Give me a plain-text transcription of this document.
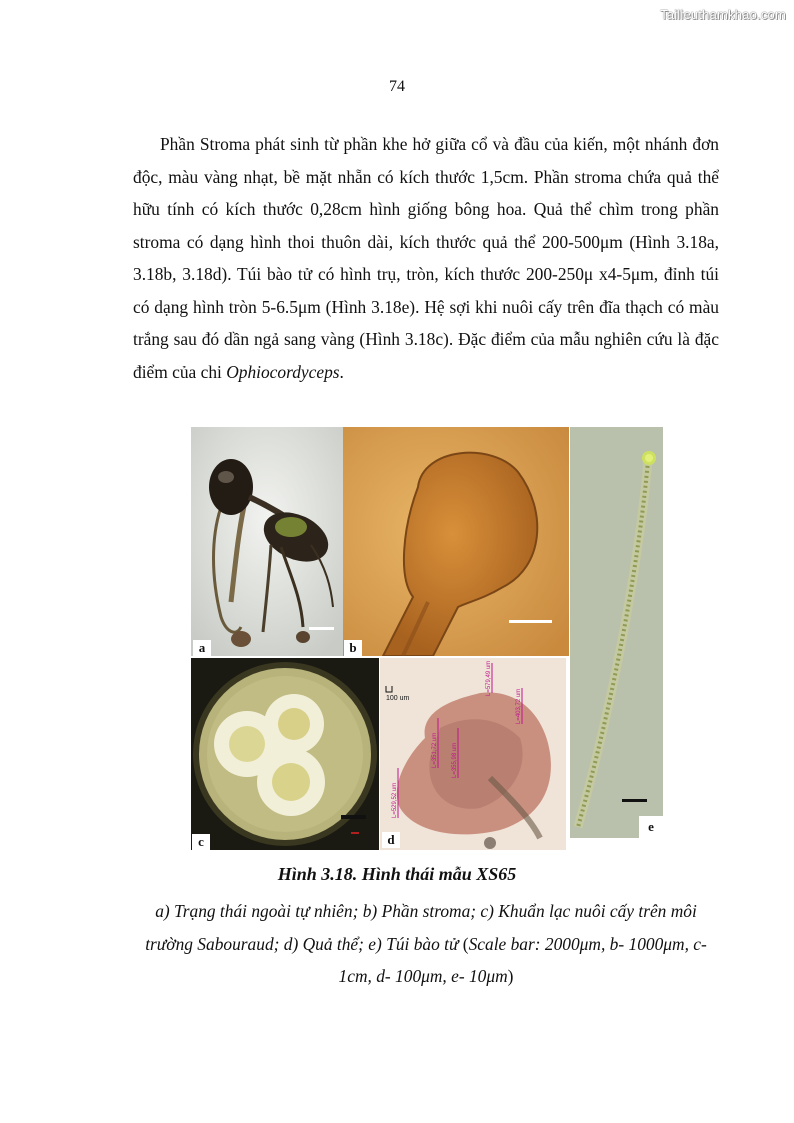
Tailieuthamkhao.com
74

Phần Stroma phát sinh từ phần khe hở giữa cổ và đầu của kiến, một nhánh đơn độc, màu vàng nhạt, bề mặt nhẵn có kích thước 1,5cm. Phần stroma chứa quả thể hữu tính có kích thước 0,28cm hình giống bông hoa. Quả thể chìm trong phần stroma có dạng hình thoi thuôn dài, kích thước quả thể 200-500μm (Hình 3.18a, 3.18b, 3.18d). Túi bào tử có hình trụ, tròn, kích thước 200-250μ x4-5μm, đỉnh túi có dạng hình tròn 5-6.5μm (Hình 3.18e). Hệ sợi khi nuôi cấy trên đĩa thạch có màu trắng sau đó dần ngả sang vàng (Hình 3.18c). Đặc điểm của mẫu nghiên cứu là đặc điểm của chi Ophiocordyceps.

a	b
c
100 um
L=579,49 um
L=403,72 um
L=351,72 um L=355,98 um
L=529,52 um
d
e
Hình 3.18. Hình thái mẫu XS65

a) Trạng thái ngoài tự nhiên; b) Phần stroma; c) Khuẩn lạc nuôi cấy trên môi trường Sabouraud; d) Quả thể; e) Túi bào tử (Scale bar: 2000μm, b- 1000μm, c- 1cm, d- 100μm, e- 10μm)
